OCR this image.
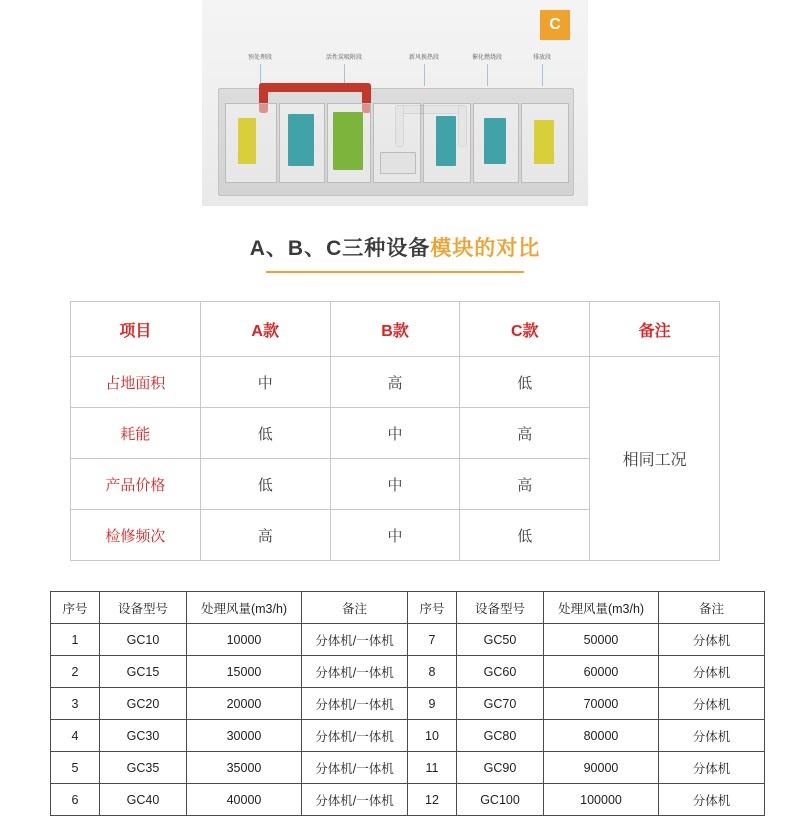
C
预处理段	活性炭吸附段	新风换热段	催化燃烧段	排放段
A、B、C三种设备模块的对比
项目	A款	B款	C款	备注
占地面积	中	高	低	相同工况
耗能	低	中	高	
产品价格	低	中	高	
检修频次	高	中	低	
序号	设备型号	处理风量(m3/h)	备注	序号	设备型号	处理风量(m3/h)	备注
1	GC10	10000	分体机/一体机	7	GC50	50000	分体机
2	GC15	15000	分体机/一体机	8	GC60	60000	分体机
3	GC20	20000	分体机/一体机	9	GC70	70000	分体机
4	GC30	30000	分体机/一体机	10	GC80	80000	分体机
5	GC35	35000	分体机/一体机	11	GC90	90000	分体机
6	GC40	40000	分体机/一体机	12	GC100	100000	分体机
